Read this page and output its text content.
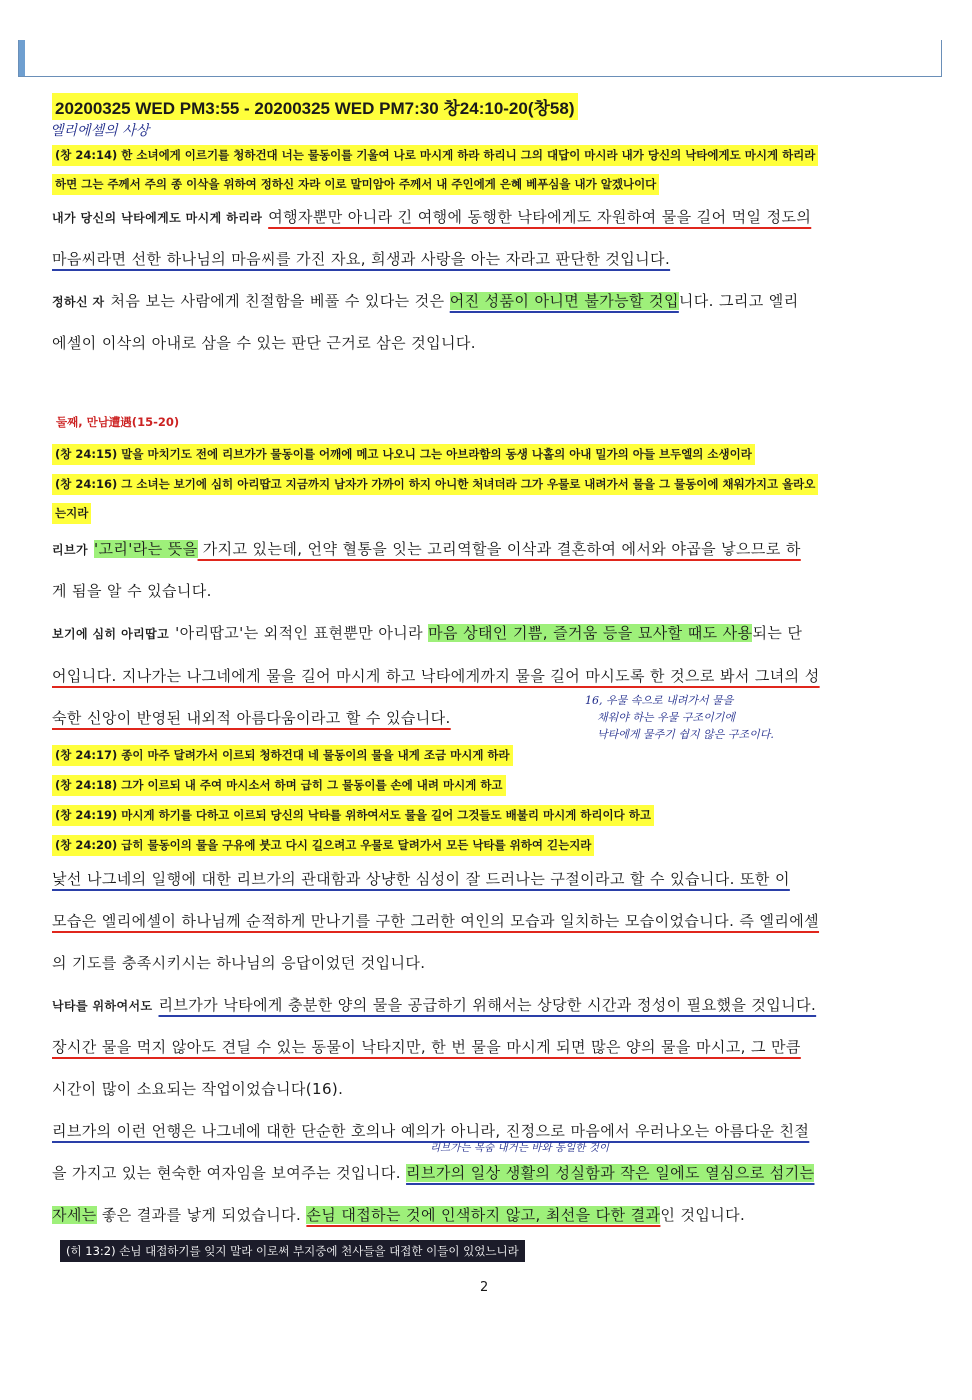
20200325 WED PM3:55 - 20200325 WED PM7:30 창24:10-20(창58)
엘리에셀의 사상
(창 24:14) 한 소녀에게 이르기를 청하건대 너는 물동이를 기울여 나로 마시게 하라 하리니 그의 대답이 마시라 내가 당신의 낙타에게도 마시게 하리라
하면 그는 주께서 주의 종 이삭을 위하여 정하신 자라 이로 말미암아 주께서 내 주인에게 은혜 베푸심을 내가 알겠나이다
내가 당신의 낙타에게도 마시게 하리라 여행자뿐만 아니라 긴 여행에 동행한 낙타에게도 자원하여 물을 길어 먹일 정도의
마음씨라면 선한 하나님의 마음씨를 가진 자요, 희생과 사랑을 아는 자라고 판단한 것입니다.
정하신 자 처음 보는 사람에게 친절함을 베풀 수 있다는 것은 어진 성품이 아니면 불가능할 것입니다. 그리고 엘리
에셀이 이삭의 아내로 삼을 수 있는 판단 근거로 삼은 것입니다.
둘째, 만남遭遇(15-20)
(창 24:15) 말을 마치기도 전에 리브가가 물동이를 어깨에 메고 나오니 그는 아브라함의 동생 나홀의 아내 밀가의 아들 브두엘의 소생이라
(창 24:16) 그 소녀는 보기에 심히 아리땁고 지금까지 남자가 가까이 하지 아니한 처녀더라 그가 우물로 내려가서 물을 그 물동이에 채워가지고 올라오
는지라
리브가 '고리'라는 뜻을 가지고 있는데, 언약 혈통을 잇는 고리역할을 이삭과 결혼하여 에서와 야곱을 낳으므로 하
게 됨을 알 수 있습니다.
보기에 심히 아리땁고 '아리땁고'는 외적인 표현뿐만 아니라 마음 상태인 기쁨, 즐거움 등을 묘사할 때도 사용되는 단
어입니다. 지나가는 나그네에게 물을 길어 마시게 하고 낙타에게까지 물을 길어 마시도록 한 것으로 봐서 그녀의 성
숙한 신앙이 반영된 내외적 아름다움이라고 할 수 있습니다.
16, 우물 속으로 내려가서 물을
채워야 하는 우물 구조이기에
낙타에게 물주기 쉽지 않은 구조이다.
(창 24:17) 종이 마주 달려가서 이르되 청하건대 네 물동이의 물을 내게 조금 마시게 하라
(창 24:18) 그가 이르되 내 주여 마시소서 하며 급히 그 물동이를 손에 내려 마시게 하고
(창 24:19) 마시게 하기를 다하고 이르되 당신의 낙타를 위하여서도 물을 길어 그것들도 배불리 마시게 하리이다 하고
(창 24:20) 급히 물동이의 물을 구유에 붓고 다시 길으려고 우물로 달려가서 모든 낙타를 위하여 긷는지라
낯선 나그네의 일행에 대한 리브가의 관대함과 상냥한 심성이 잘 드러나는 구절이라고 할 수 있습니다. 또한 이
모습은 엘리에셀이 하나님께 순적하게 만나기를 구한 그러한 여인의 모습과 일치하는 모습이었습니다. 즉 엘리에셀
의 기도를 충족시키시는 하나님의 응답이었던 것입니다.
낙타를 위하여서도 리브가가 낙타에게 충분한 양의 물을 공급하기 위해서는 상당한 시간과 정성이 필요했을 것입니다.
장시간 물을 먹지 않아도 견딜 수 있는 동물이 낙타지만, 한 번 물을 마시게 되면 많은 양의 물을 마시고, 그 만큼
시간이 많이 소요되는 작업이었습니다(16).
리브가의 이런 언행은 나그네에 대한 단순한 호의나 예의가 아니라, 진정으로 마음에서 우러나오는 아름다운 친절
리브가는 목숨 내거는 바와 동일한 것이
을 가지고 있는 현숙한 여자임을 보여주는 것입니다. 리브가의 일상 생활의 성실함과 작은 일에도 열심으로 섬기는
자세는 좋은 결과를 낳게 되었습니다. 손님 대접하는 것에 인색하지 않고, 최선을 다한 결과인 것입니다.
(히 13:2) 손님 대접하기를 잊지 말라 이로써 부지중에 천사들을 대접한 이들이 있었느니라
2
